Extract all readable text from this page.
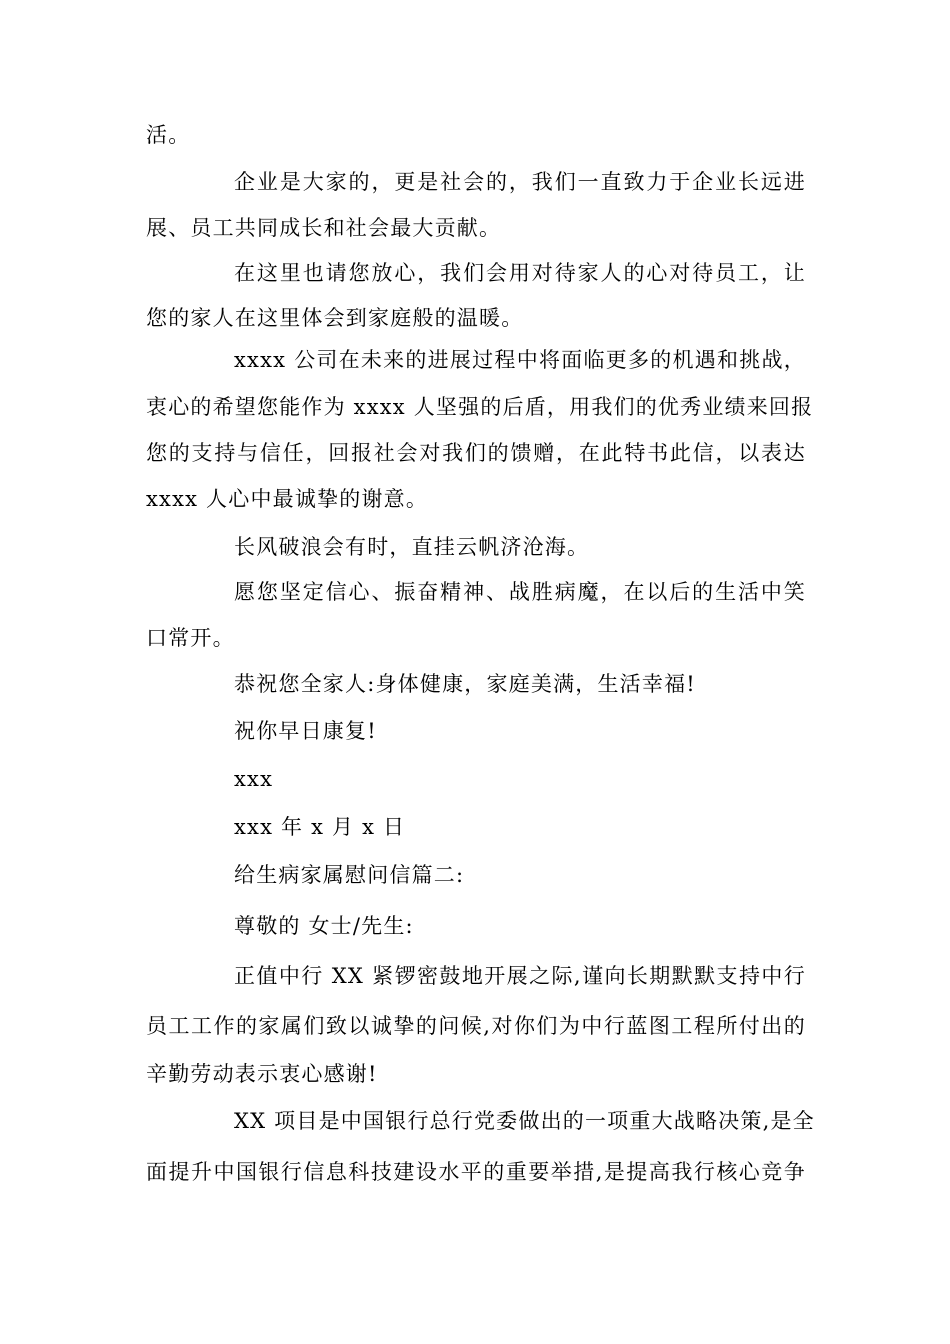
活。
企业是大家的，更是社会的，我们一直致力于企业长远进
展、员工共同成长和社会最大贡献。
在这里也请您放心，我们会用对待家人的心对待员工，让
您的家人在这里体会到家庭般的温暖。
xxxx 公司在未来的进展过程中将面临更多的机遇和挑战，
衷心的希望您能作为 xxxx 人坚强的后盾，用我们的优秀业绩来回报
您的支持与信任，回报社会对我们的馈赠，在此特书此信，以表达
xxxx 人心中最诚挚的谢意。
长风破浪会有时，直挂云帆济沧海。
愿您坚定信心、振奋精神、战胜病魔，在以后的生活中笑
口常开。
恭祝您全家人:身体健康，家庭美满，生活幸福!
祝你早日康复!
xxx
xxx 年 x 月 x 日
给生病家属慰问信篇二:
尊敬的 女士/先生:
正值中行 XX 紧锣密鼓地开展之际,谨向长期默默支持中行
员工工作的家属们致以诚挚的问候,对你们为中行蓝图工程所付出的
辛勤劳动表示衷心感谢!
XX 项目是中国银行总行党委做出的一项重大战略决策,是全
面提升中国银行信息科技建设水平的重要举措,是提高我行核心竞争
